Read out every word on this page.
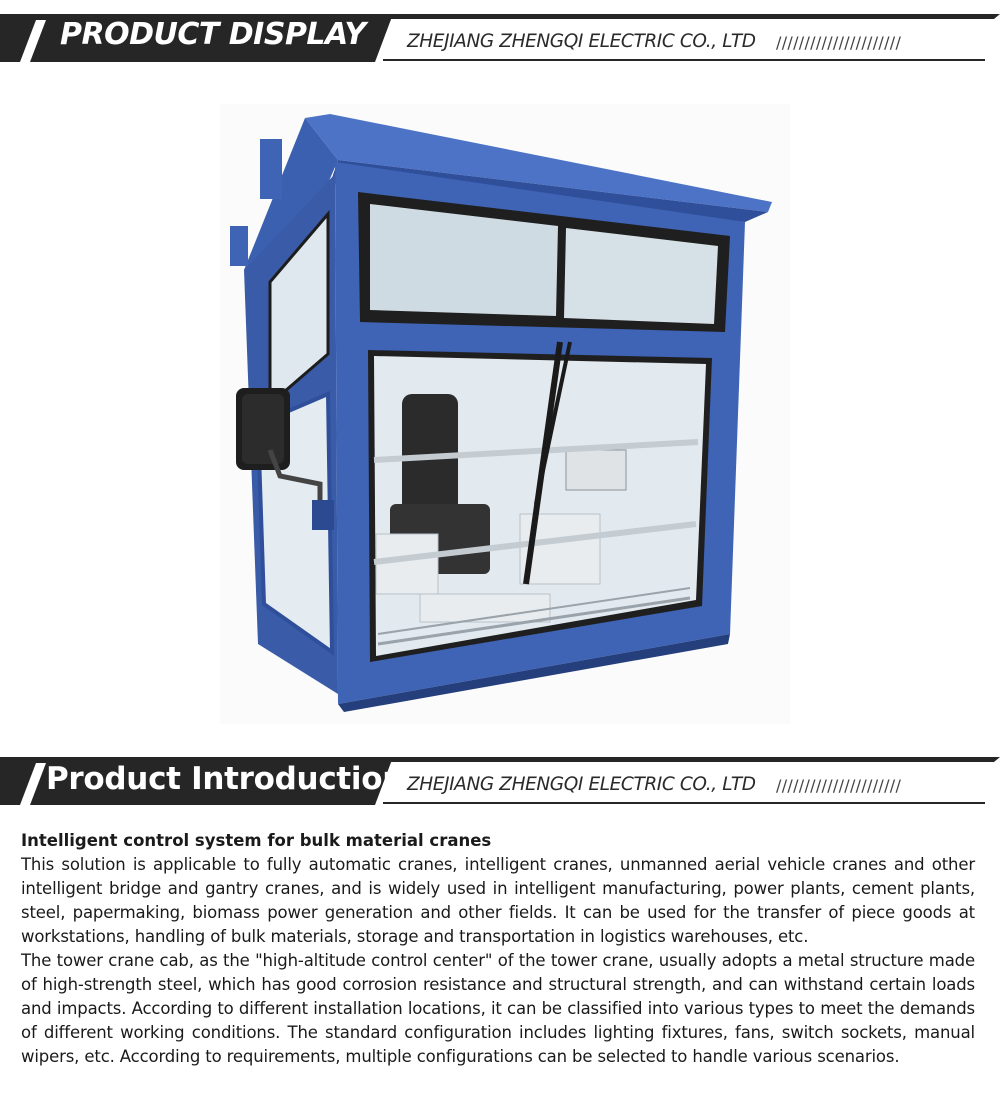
PRODUCT DISPLAY ZHEJIANG ZHENGQI ELECTRIC CO., LTD //////////////////////
Product Introduction ZHEJIANG ZHENGQI ELECTRIC CO., LTD //////////////////////
Intelligent control system for bulk material cranes

This solution is applicable to fully automatic cranes, intelligent cranes, unmanned aerial vehicle cranes and other intelligent bridge and gantry cranes, and is widely used in intelligent manufacturing, power plants, cement plants, steel, papermaking, biomass power generation and other fields. It can be used for the transfer of piece goods at workstations, handling of bulk materials, storage and transportation in logistics warehouses, etc.

The tower crane cab, as the "high-altitude control center" of the tower crane, usually adopts a metal structure made of high-strength steel, which has good corrosion resistance and structural strength, and can withstand certain loads and impacts. According to different installation locations, it can be classified into various types to meet the demands of different working conditions. The standard configuration includes lighting fixtures, fans, switch sockets, manual wipers, etc. According to requirements, multiple configurations can be selected to handle various scenarios.
